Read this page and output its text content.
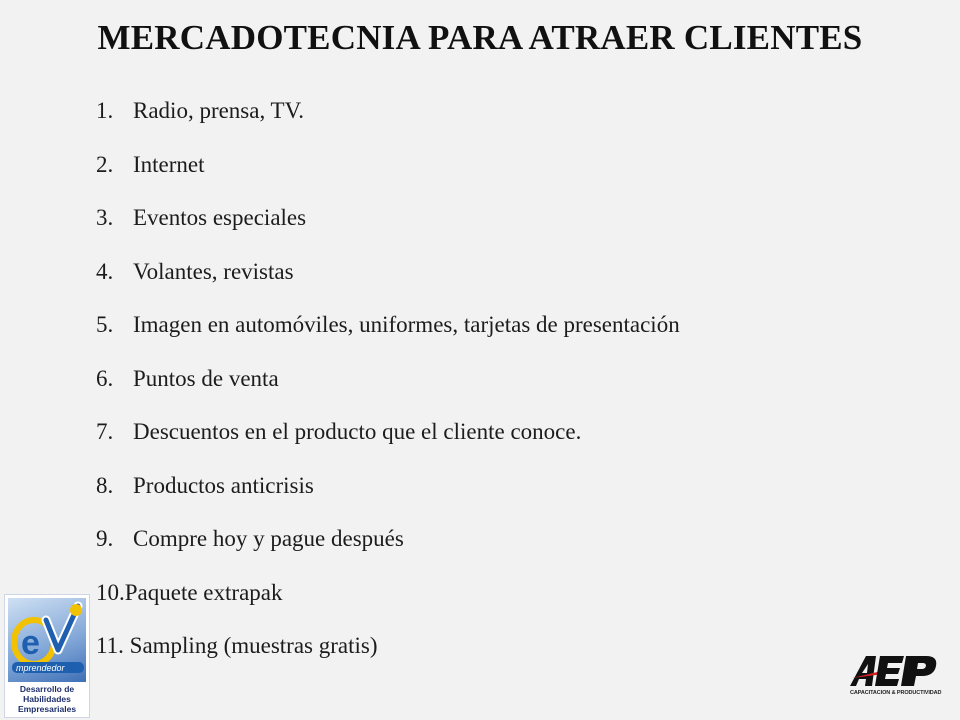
MERCADOTECNIA PARA ATRAER CLIENTES
1. Radio, prensa, TV.
2. Internet
3. Eventos especiales
4. Volantes, revistas
5. Imagen en automóviles, uniformes, tarjetas de presentación
6. Puntos de venta
7. Descuentos en el producto que el cliente conoce.
8. Productos anticrisis
9. Compre hoy y pague después
10.Paquete extrapak
11. Sampling (muestras gratis)
e
mprendedor
Desarrollo de
Habilidades Empresariales
CAPACITACION & PRODUCTIVIDAD
